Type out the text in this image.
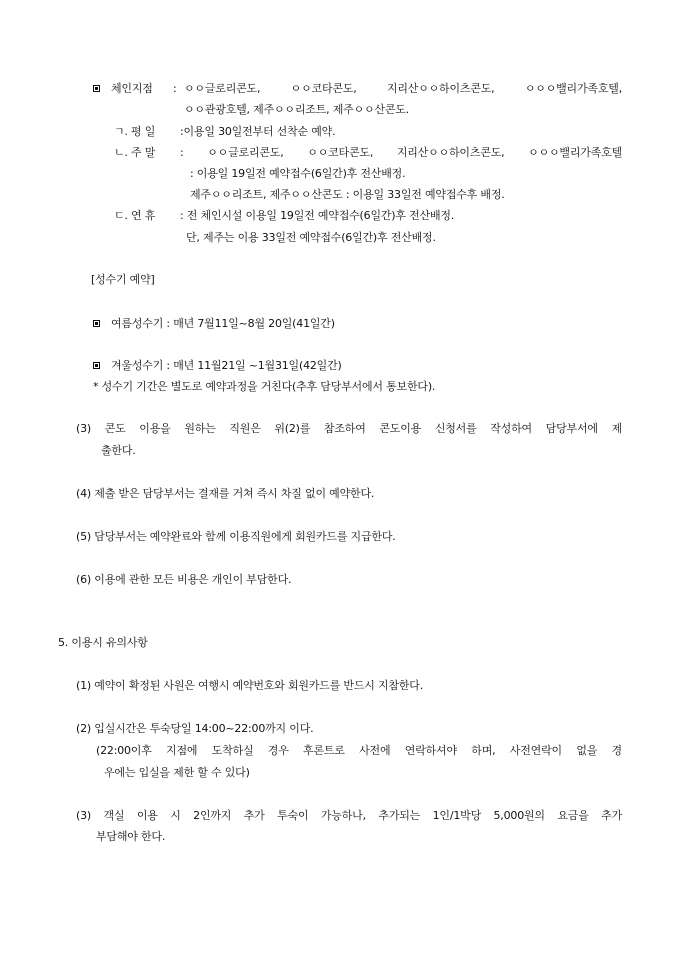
체인지점 : ㅇㅇ글로리콘도, ㅇㅇ코타콘도, 지리산ㅇㅇ하이츠콘도, ㅇㅇㅇ밸리가족호텔,
ㅇㅇ관광호텔, 제주ㅇㅇ리조트, 제주ㅇㅇ산콘도.
ㄱ. 평 일 :이용일 30일전부터 선착순 예약.
ㄴ. 주 말 : ㅇㅇ글로리콘도, ㅇㅇ코타콘도, 지리산ㅇㅇ하이츠콘도, ㅇㅇㅇ밸리가족호텔
: 이용일 19일전 예약접수(6일간)후 전산배정.
제주ㅇㅇ리조트, 제주ㅇㅇ산콘도 : 이용일 33일전 예약접수후 배정.
ㄷ. 연 휴 : 전 체인시설 이용일 19일전 예약접수(6일간)후 전산배정.
단, 제주는 이용 33일전 예약접수(6일간)후 전산배정.
[성수기 예약]
여름성수기 : 매년 7월11일~8월 20일(41일간)
겨울성수기 : 매년 11월21일 ~1월31일(42일간)
* 성수기 기간은 별도로 예약과정을 거친다(추후 담당부서에서 통보한다).
(3) 콘도 이용을 원하는 직원은 위(2)를 참조하여 콘도이용 신청서를 작성하여 담당부서에 제
출한다.
(4) 제출 받은 담당부서는 결재를 거쳐 즉시 차질 없이 예약한다.
(5) 담당부서는 예약완료와 함께 이용직원에게 회원카드를 지급한다.
(6) 이용에 관한 모든 비용은 개인이 부담한다.
5. 이용시 유의사항
(1) 예약이 확정된 사원은 여행시 예약번호와 회원카드를 반드시 지참한다.
(2) 입실시간은 투숙당일 14:00~22:00까지 이다.
(22:00이후 지점에 도착하실 경우 후론트로 사전에 연락하셔야 하며, 사전연락이 없을 경
우에는 입실을 제한 할 수 있다)
(3) 객실 이용 시 2인까지 추가 투숙이 가능하나, 추가되는 1인/1박당 5,000원의 요금을 추가
부담해야 한다.
